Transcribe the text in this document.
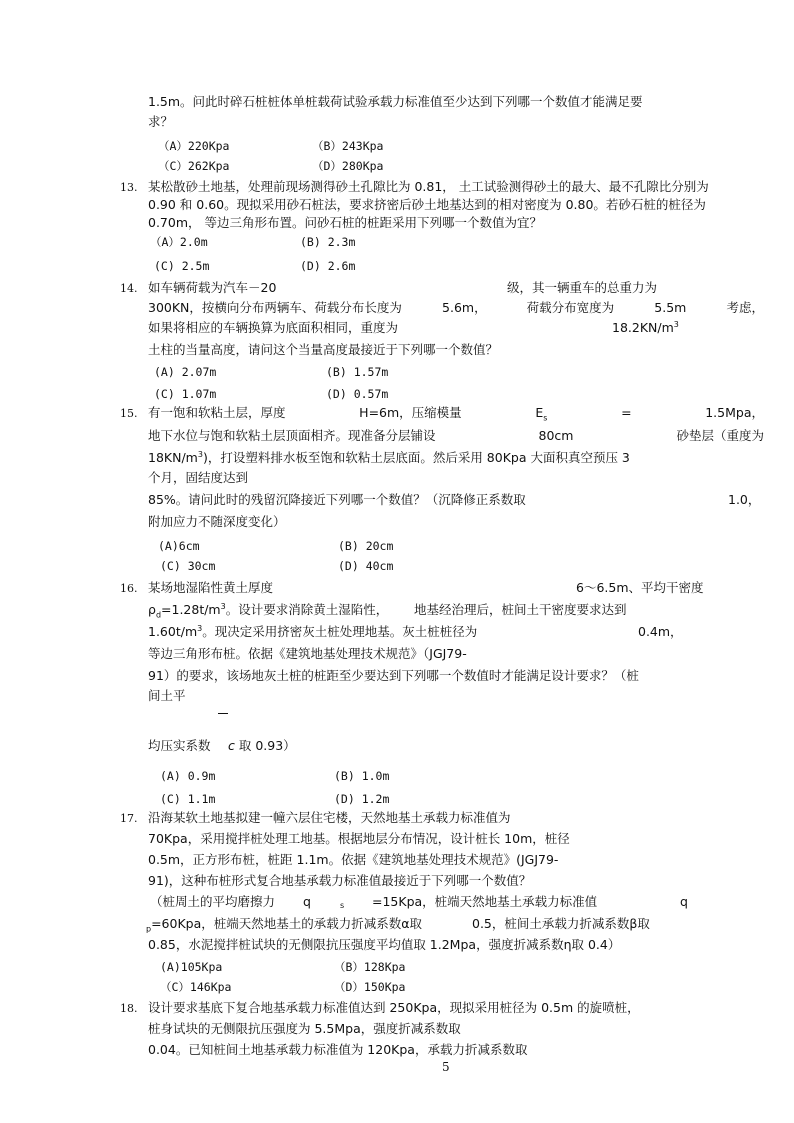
1.5m。问此时碎石桩桩体单桩载荷试验承载力标准值至少达到下列哪一个数值才能满足要
求？
（A）220Kpa	（B）243Kpa
（C）262Kpa	（D）280Kpa
13. 某松散砂土地基，处理前现场测得砂土孔隙比为 0.81， 土工试验测得砂土的最大、最不孔隙比分别为
0.90 和 0.60。现拟采用砂石桩法，要求挤密后砂土地基达到的相对密度为 0.80。若砂石桩的桩径为
0.70m， 等边三角形布置。问砂石桩的桩距采用下列哪一个数值为宜？
（A）2.0m	(B) 2.3m
(C) 2.5m	(D) 2.6m
14. 如车辆荷载为汽车－20	级，其一辆重车的总重力为
300KN，按横向分布两辆车、荷载分布长度为	5.6m，	荷载分布宽度为	5.5m	考虑，
如果将相应的车辆换算为底面积相同，重度为	$18.2KN/m^3$
土柱的当量高度，请问这个当量高度最接近于下列哪一个数值？
(A) 2.07m	(B) 1.57m
(C) 1.07m	(D) 0.57m
15. 有一饱和软粘土层，厚度	H=6m，压缩模量	$E_s$	=	1.5Mpa，
地下水位与饱和软粘土层顶面相齐。现准备分层铺设	80cm	砂垫层（重度为
$18KN/m^3$)，打设塑料排水板至饱和软粘土层底面。然后采用 80Kpa 大面积真空预压 3
个月，固结度达到
85%。请问此时的残留沉降接近下列哪一个数值？（沉降修正系数取	1.0，
附加应力不随深度变化）
(A)6cm	(B) 20cm
(C) 30cm	(D) 40cm
16. 某场地湿陷性黄土厚度	6～6.5m、平均干密度
$\rho_d=1.28t/m^3$。设计要求消除黄土湿陷性， 地基经治理后，桩间土干密度要求达到
$1.60t/m^3$。现决定采用挤密灰土桩处理地基。灰土桩桩径为	0.4m，
等边三角形布桩。依据《建筑地基处理技术规范》（JGJ79-
91）的要求，该场地灰土桩的桩距至少要达到下列哪一个数值时才能满足设计要求？（桩
间土平
均压实系数 c 取 0.93）
(A) 0.9m	(B) 1.0m
(C) 1.1m	(D) 1.2m
17. 沿海某软土地基拟建一幢六层住宅楼，天然地基土承载力标准值为
70Kpa，采用搅拌桩处理工地基。根据地层分布情况，设计桩长 10m，桩径
0.5m，正方形布桩，桩距 1.1m。依据《建筑地基处理技术规范》(JGJ79-
91)，这种布桩形式复合地基承载力标准值最接近于下列哪一个数值？
（桩周土的平均磨擦力 q	s =15Kpa，桩端天然地基土承载力标准值	q
$_p$=60Kpa，桩端天然地基土的承载力折减系数α取	0.5，桩间土承载力折减系数β取
0.85，水泥搅拌桩试块的无侧限抗压强度平均值取 1.2Mpa，强度折减系数η取 0.4）
(A)105Kpa	（B）128Kpa
（C）146Kpa	（D）150Kpa
18. 设计要求基底下复合地基承载力标准值达到 250Kpa，现拟采用桩径为 0.5m 的旋喷桩，
桩身试块的无侧限抗压强度为 5.5Mpa，强度折减系数取
0.04。已知桩间土地基承载力标准值为 120Kpa，承载力折减系数取
5
